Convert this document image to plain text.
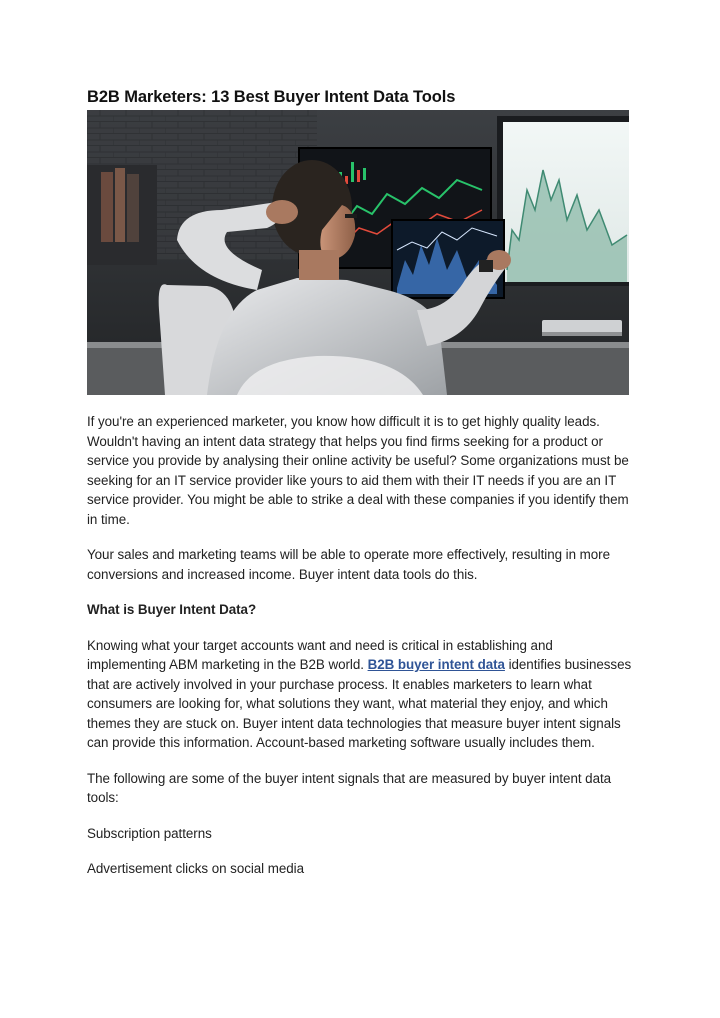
B2B Marketers: 13 Best Buyer Intent Data Tools

If you're an experienced marketer, you know how difficult it is to get highly quality leads. Wouldn't having an intent data strategy that helps you find firms seeking for a product or service you provide by analysing their online activity be useful? Some organizations must be seeking for an IT service provider like yours to aid them with their IT needs if you are an IT service provider. You might be able to strike a deal with these companies if you identify them in time.

Your sales and marketing teams will be able to operate more effectively, resulting in more conversions and increased income. Buyer intent data tools do this.

What is Buyer Intent Data?

Knowing what your target accounts want and need is critical in establishing and implementing ABM marketing in the B2B world. B2B buyer intent data identifies businesses that are actively involved in your purchase process. It enables marketers to learn what consumers are looking for, what solutions they want, what material they enjoy, and which themes they are stuck on. Buyer intent data technologies that measure buyer intent signals can provide this information. Account-based marketing software usually includes them.

The following are some of the buyer intent signals that are measured by buyer intent data tools:

Subscription patterns

Advertisement clicks on social media
